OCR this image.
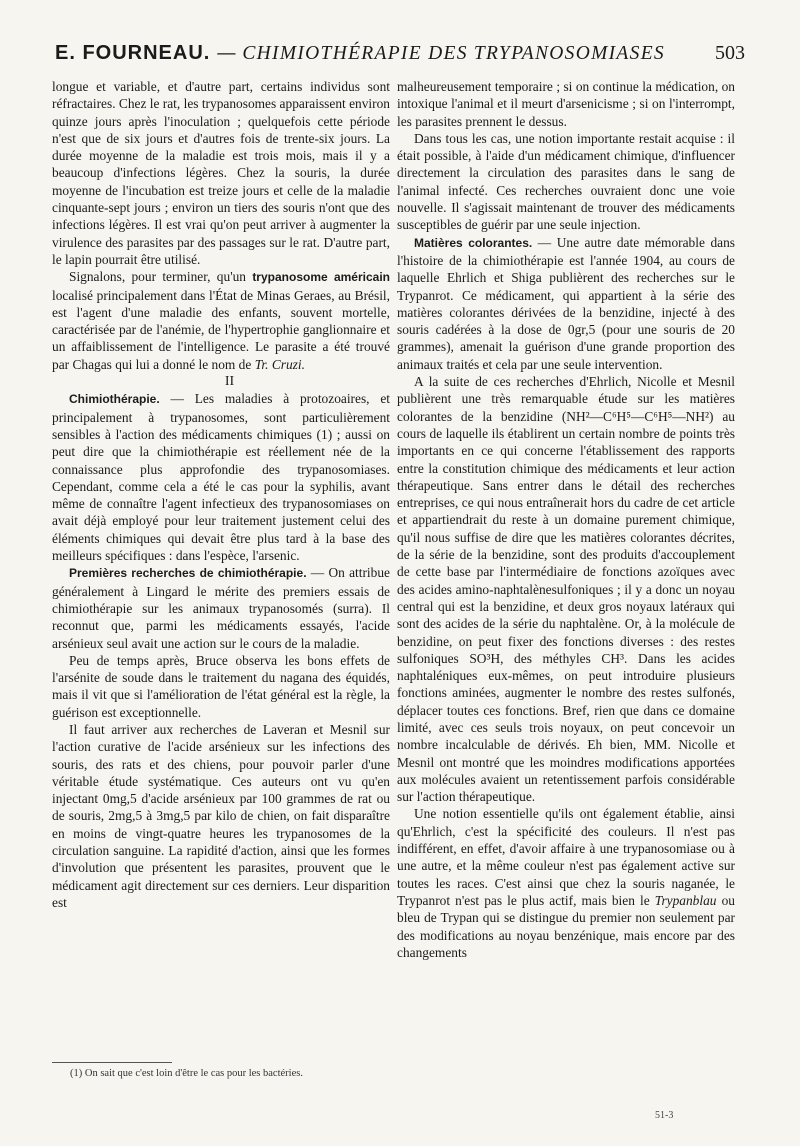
E. FOURNEAU. — CHIMIOTHÉRAPIE DES TRYPANOSOMIASES	503

longue et variable, et d'autre part, certains individus sont réfractaires. Chez le rat, les trypanosomes apparaissent environ quinze jours après l'inoculation ; quelquefois cette période n'est que de six jours et d'autres fois de trente-six jours. La durée moyenne de la maladie est trois mois, mais il y a beaucoup d'infections légères. Chez la souris, la durée moyenne de l'incubation est treize jours et celle de la maladie cinquante-sept jours ; environ un tiers des souris n'ont que des infections légères. Il est vrai qu'on peut arriver à augmenter la virulence des parasites par des passages sur le rat. D'autre part, le lapin pourrait être utilisé.

Signalons, pour terminer, qu'un trypanosome américain localisé principalement dans l'État de Minas Geraes, au Brésil, est l'agent d'une maladie des enfants, souvent mortelle, caractérisée par de l'anémie, de l'hypertrophie ganglionnaire et un affaiblissement de l'intelligence. Le parasite a été trouvé par Chagas qui lui a donné le nom de Tr. Cruzi.

II

Chimiothérapie. — Les maladies à protozoaires, et principalement à trypanosomes, sont particulièrement sensibles à l'action des médicaments chimiques (1) ; aussi on peut dire que la chimiothérapie est réellement née de la connaissance plus approfondie des trypanosomiases. Cependant, comme cela a été le cas pour la syphilis, avant même de connaître l'agent infectieux des trypanosomiases on avait déjà employé pour leur traitement justement celui des éléments chimiques qui devait être plus tard à la base des meilleurs spécifiques : dans l'espèce, l'arsenic.

Premières recherches de chimiothérapie. — On attribue généralement à Lingard le mérite des premiers essais de chimiothérapie sur les animaux trypanosomés (surra). Il reconnut que, parmi les médicaments essayés, l'acide arsénieux seul avait une action sur le cours de la maladie.

Peu de temps après, Bruce observa les bons effets de l'arsénite de soude dans le traitement du nagana des équidés, mais il vit que si l'amélioration de l'état général est la règle, la guérison est exceptionnelle.

Il faut arriver aux recherches de Laveran et Mesnil sur l'action curative de l'acide arsénieux sur les infections des souris, des rats et des chiens, pour pouvoir parler d'une véritable étude systématique. Ces auteurs ont vu qu'en injectant 0mg,5 d'acide arsénieux par 100 grammes de rat ou de souris, 2mg,5 à 3mg,5 par kilo de chien, on fait disparaître en moins de vingt-quatre heures les trypanosomes de la circulation sanguine. La rapidité d'action, ainsi que les formes d'involution que présentent les parasites, prouvent que le médicament agit directement sur ces derniers. Leur disparition est

malheureusement temporaire ; si on continue la médication, on intoxique l'animal et il meurt d'arsenicisme ; si on l'interrompt, les parasites prennent le dessus.

Dans tous les cas, une notion importante restait acquise : il était possible, à l'aide d'un médicament chimique, d'influencer directement la circulation des parasites dans le sang de l'animal infecté. Ces recherches ouvraient donc une voie nouvelle. Il s'agissait maintenant de trouver des médicaments susceptibles de guérir par une seule injection.

Matières colorantes. — Une autre date mémorable dans l'histoire de la chimiothérapie est l'année 1904, au cours de laquelle Ehrlich et Shiga publièrent des recherches sur le Trypanrot. Ce médicament, qui appartient à la série des matières colorantes dérivées de la benzidine, injecté à des souris cadérées à la dose de 0gr,5 (pour une souris de 20 grammes), amenait la guérison d'une grande proportion des animaux traités et cela par une seule intervention.

A la suite de ces recherches d'Ehrlich, Nicolle et Mesnil publièrent une très remarquable étude sur les matières colorantes de la benzidine (NH²—C⁶H⁵—C⁶H⁵—NH²) au cours de laquelle ils établirent un certain nombre de points très importants en ce qui concerne l'établissement des rapports entre la constitution chimique des médicaments et leur action thérapeutique. Sans entrer dans le détail des recherches entreprises, ce qui nous entraînerait hors du cadre de cet article et appartiendrait du reste à un domaine purement chimique, qu'il nous suffise de dire que les matières colorantes décrites, de la série de la benzidine, sont des produits d'accouplement de cette base par l'intermédiaire de fonctions azoïques avec des acides amino-naphtalènesulfoniques ; il y a donc un noyau central qui est la benzidine, et deux gros noyaux latéraux qui sont des acides de la série du naphtalène. Or, à la molécule de benzidine, on peut fixer des fonctions diverses : des restes sulfoniques SO³H, des méthyles CH³. Dans les acides naphtaléniques eux-mêmes, on peut introduire plusieurs fonctions aminées, augmenter le nombre des restes sulfonés, déplacer toutes ces fonctions. Bref, rien que dans ce domaine limité, avec ces seuls trois noyaux, on peut concevoir un nombre incalculable de dérivés. Eh bien, MM. Nicolle et Mesnil ont montré que les moindres modifications apportées aux molécules avaient un retentissement parfois considérable sur l'action thérapeutique.

Une notion essentielle qu'ils ont également établie, ainsi qu'Ehrlich, c'est la spécificité des couleurs. Il n'est pas indifférent, en effet, d'avoir affaire à une trypanosomiase ou à une autre, et la même couleur n'est pas également active sur toutes les races. C'est ainsi que chez la souris naganée, le Trypanrot n'est pas le plus actif, mais bien le Trypanblau ou bleu de Trypan qui se distingue du premier non seulement par des modifications au noyau benzénique, mais encore par des changements

(1) On sait que c'est loin d'être le cas pour les bactéries.
51-3
